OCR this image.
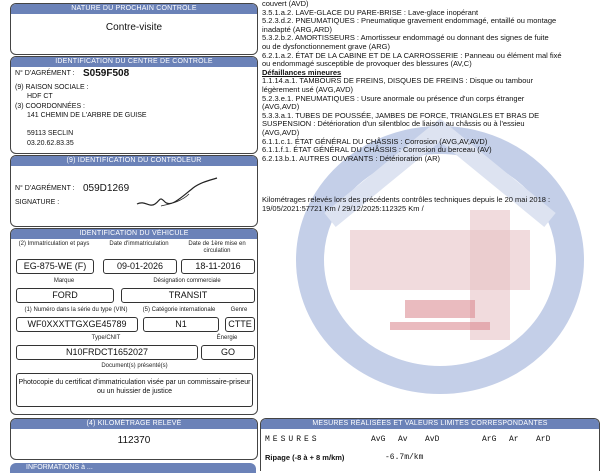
NATURE DU PROCHAIN CONTRÔLE
Contre-visite
IDENTIFICATION DU CENTRE DE CONTRÔLE
N° D'AGRÉMENT : S059F508
(9) RAISON SOCIALE :
HDF CT
(3) COORDONNÉES :
141 CHEMIN DE L'ARBRE DE GUISE
59113 SECLIN
03.20.62.83.35
(9) IDENTIFICATION DU CONTRÔLEUR
N° D'AGRÉMENT : 059D1269
SIGNATURE :
IDENTIFICATION DU VÉHICULE
(2) Immatriculation et pays	Date d'immatriculation	Date de 1ère mise en circulation
EG-875-WE (F)	09-01-2026	18-11-2016
Marque	Désignation commerciale
FORD	TRANSIT
(1) Numéro dans la série du type (VIN)	(5) Catégorie internationale	Genre
WF0XXXTTGXGE45789	N1	CTTE
Type/CNIT	Énergie
N10FRDCT1652027	GO
Document(s) présenté(s)
Photocopie du certificat d'immatriculation visée par un commissaire-priseur ou un huissier de justice
(4) KILOMÉTRAGE RELEVÉ
112370
INFORMATIONS à ...
couvert (AVD)
3.5.1.a.2. LAVE-GLACE DU PARE-BRISE : Lave-glace inopérant
5.2.3.d.2. PNEUMATIQUES : Pneumatique gravement endommagé, entaillé ou montage
inadapté (ARG,ARD)
5.3.2.b.2. AMORTISSEURS : Amortisseur endommagé ou donnant des signes de fuite
ou de dysfonctionnement grave (ARG)
6.2.1.a.2. ÉTAT DE LA CABINE ET DE LA CARROSSERIE : Panneau ou élément mal fixé
ou endommagé susceptible de provoquer des blessures (AV,C)
Défaillances mineures
1.1.14.a.1. TAMBOURS DE FREINS, DISQUES DE FREINS : Disque ou tambour
légèrement usé (AVG,AVD)
5.2.3.e.1. PNEUMATIQUES : Usure anormale ou présence d'un corps étranger
(AVG,AVD)
5.3.3.a.1. TUBES DE POUSSÉE, JAMBES DE FORCE, TRIANGLES ET BRAS DE
SUSPENSION : Détérioration d'un silentbloc de liaison au châssis ou à l'essieu
(AVG,AVD)
6.1.1.c.1. ÉTAT GÉNÉRAL DU CHÂSSIS : Corrosion (AVG,AV,AVD)
6.1.1.f.1. ÉTAT GÉNÉRAL DU CHÂSSIS : Corrosion du berceau (AV)
6.2.13.b.1. AUTRES OUVRANTS : Détérioration (AR)
Kilométrages relevés lors des précédents contrôles techniques depuis le 20 mai 2018 :
19/05/2021:57721 Km / 29/12/2025:112325 Km /
MESURES RÉALISÉES ET VALEURS LIMITES CORRESPONDANTES
MESURES	AvG Av AvD	ArG Ar ArD
Ripage (-8 à + 8 m/km)	-6.7m/km
